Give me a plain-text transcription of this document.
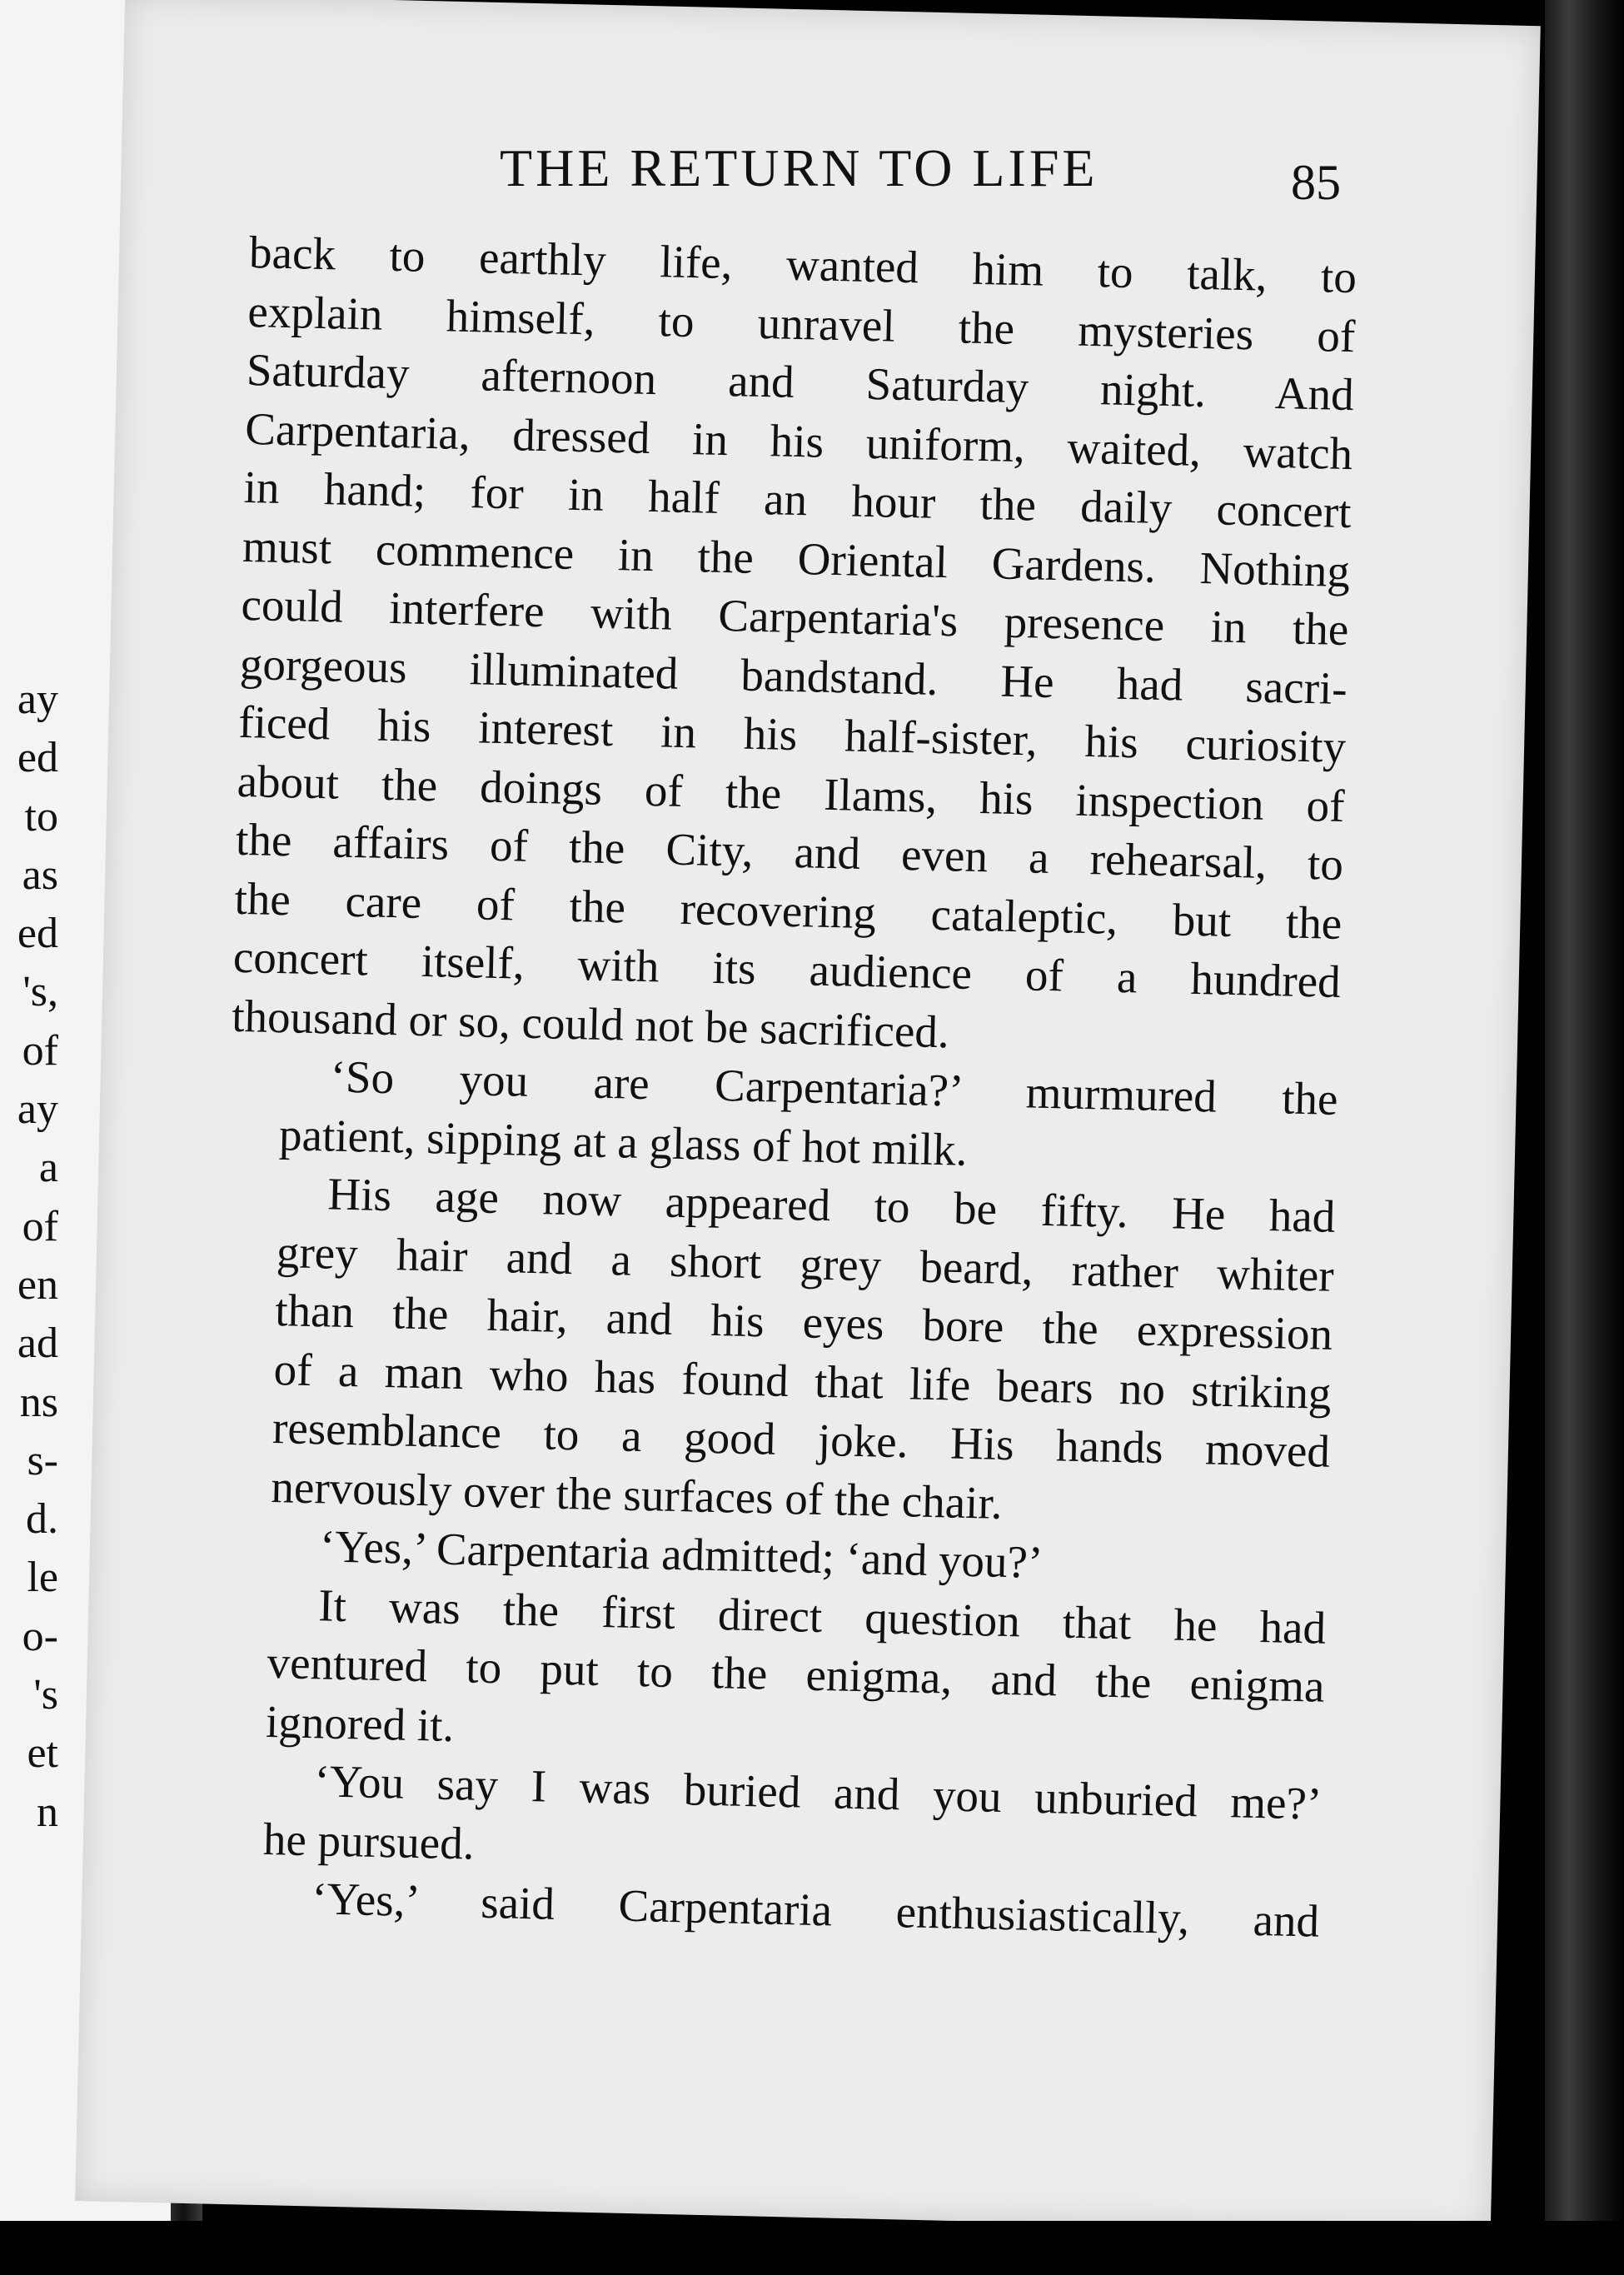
ay
ed
to
as
ed
's,
of
ay
a
of
en
ad
ns
s-
d.
le
o-
's
et
n
THE RETURN TO LIFE	85

back to earthly life, wanted him to talk, to
explain himself, to unravel the mysteries of
Saturday afternoon and Saturday night. And
Carpentaria, dressed in his uniform, waited, watch
in hand; for in half an hour the daily concert
must commence in the Oriental Gardens. Nothing
could interfere with Carpentaria's presence in the
gorgeous illuminated bandstand. He had sacri-
ficed his interest in his half-sister, his curiosity
about the doings of the Ilams, his inspection of
the affairs of the City, and even a rehearsal, to
the care of the recovering cataleptic, but the
concert itself, with its audience of a hundred
thousand or so, could not be sacrificed.

‘So you are Carpentaria?’ murmured the
patient, sipping at a glass of hot milk.

His age now appeared to be fifty. He had
grey hair and a short grey beard, rather whiter
than the hair, and his eyes bore the expression
of a man who has found that life bears no striking
resemblance to a good joke. His hands moved
nervously over the surfaces of the chair.

‘Yes,’ Carpentaria admitted; ‘and you?’

It was the first direct question that he had
ventured to put to the enigma, and the enigma
ignored it.

‘You say I was buried and you unburied me?’
he pursued.

‘Yes,’ said Carpentaria enthusiastically, and
